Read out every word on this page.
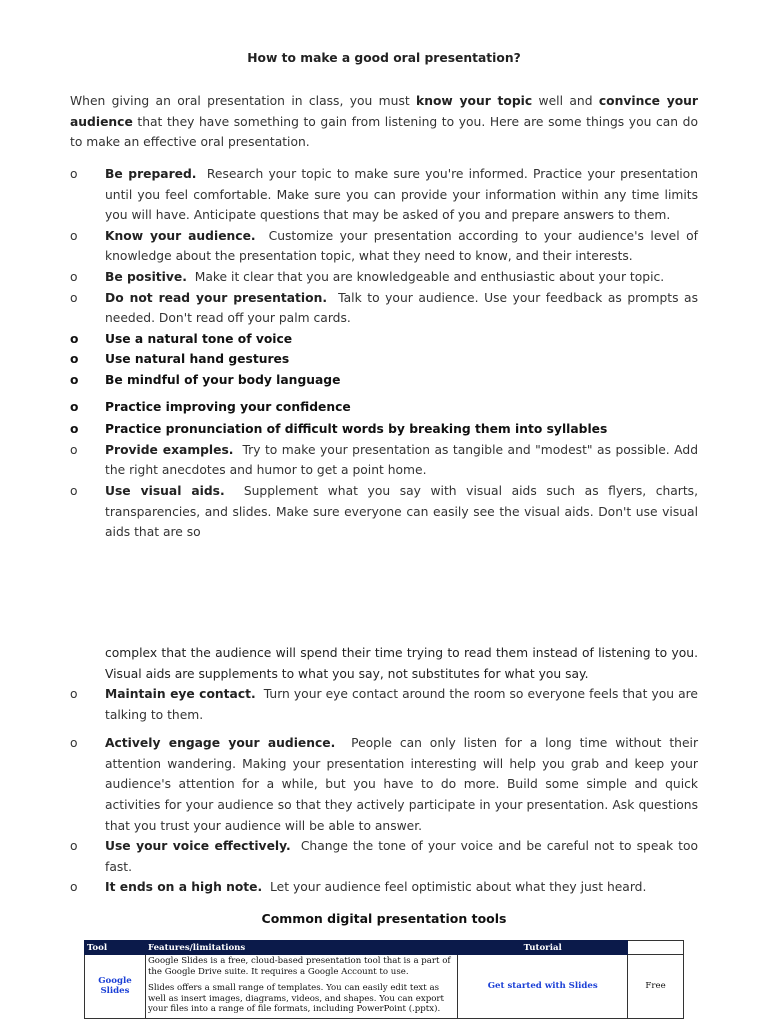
How to make a good oral presentation?
When giving an oral presentation in class, you must know your topic well and convince your audience that they have something to gain from listening to you. Here are some things you can do to make an effective oral presentation.
o Be prepared. Research your topic to make sure you're informed. Practice your presentation until you feel comfortable. Make sure you can provide your information within any time limits you will have. Anticipate questions that may be asked of you and prepare answers to them.
o Know your audience. Customize your presentation according to your audience's level of knowledge about the presentation topic, what they need to know, and their interests.
o Be positive. Make it clear that you are knowledgeable and enthusiastic about your topic.
o Do not read your presentation. Talk to your audience. Use your feedback as prompts as needed. Don't read off your palm cards.
o Use a natural tone of voice
o Use natural hand gestures
o Be mindful of your body language
o Practice improving your confidence
o Practice pronunciation of difficult words by breaking them into syllables
o Provide examples. Try to make your presentation as tangible and "modest" as possible. Add the right anecdotes and humor to get a point home.
o Use visual aids. Supplement what you say with visual aids such as flyers, charts, transparencies, and slides. Make sure everyone can easily see the visual aids. Don't use visual aids that are so
complex that the audience will spend their time trying to read them instead of listening to you. Visual aids are supplements to what you say, not substitutes for what you say.
o Maintain eye contact. Turn your eye contact around the room so everyone feels that you are talking to them.
o Actively engage your audience. People can only listen for a long time without their attention wandering. Making your presentation interesting will help you grab and keep your audience's attention for a while, but you have to do more. Build some simple and quick activities for your audience so that they actively participate in your presentation. Ask questions that you trust your audience will be able to answer.
o Use your voice effectively. Change the tone of your voice and be careful not to speak too fast.
o It ends on a high note. Let your audience feel optimistic about what they just heard.
Common digital presentation tools
Tool	Features/limitations	Tutorial	
Google Slides	Google Slides is a free, cloud-based presentation tool that is a part of the Google Drive suite. It requires a Google Account to use.

Slides offers a small range of templates. You can easily edit text as well as insert images, diagrams, videos, and shapes. You can export your files into a range of file formats, including PowerPoint (.pptx).	Get started with Slides	Free
